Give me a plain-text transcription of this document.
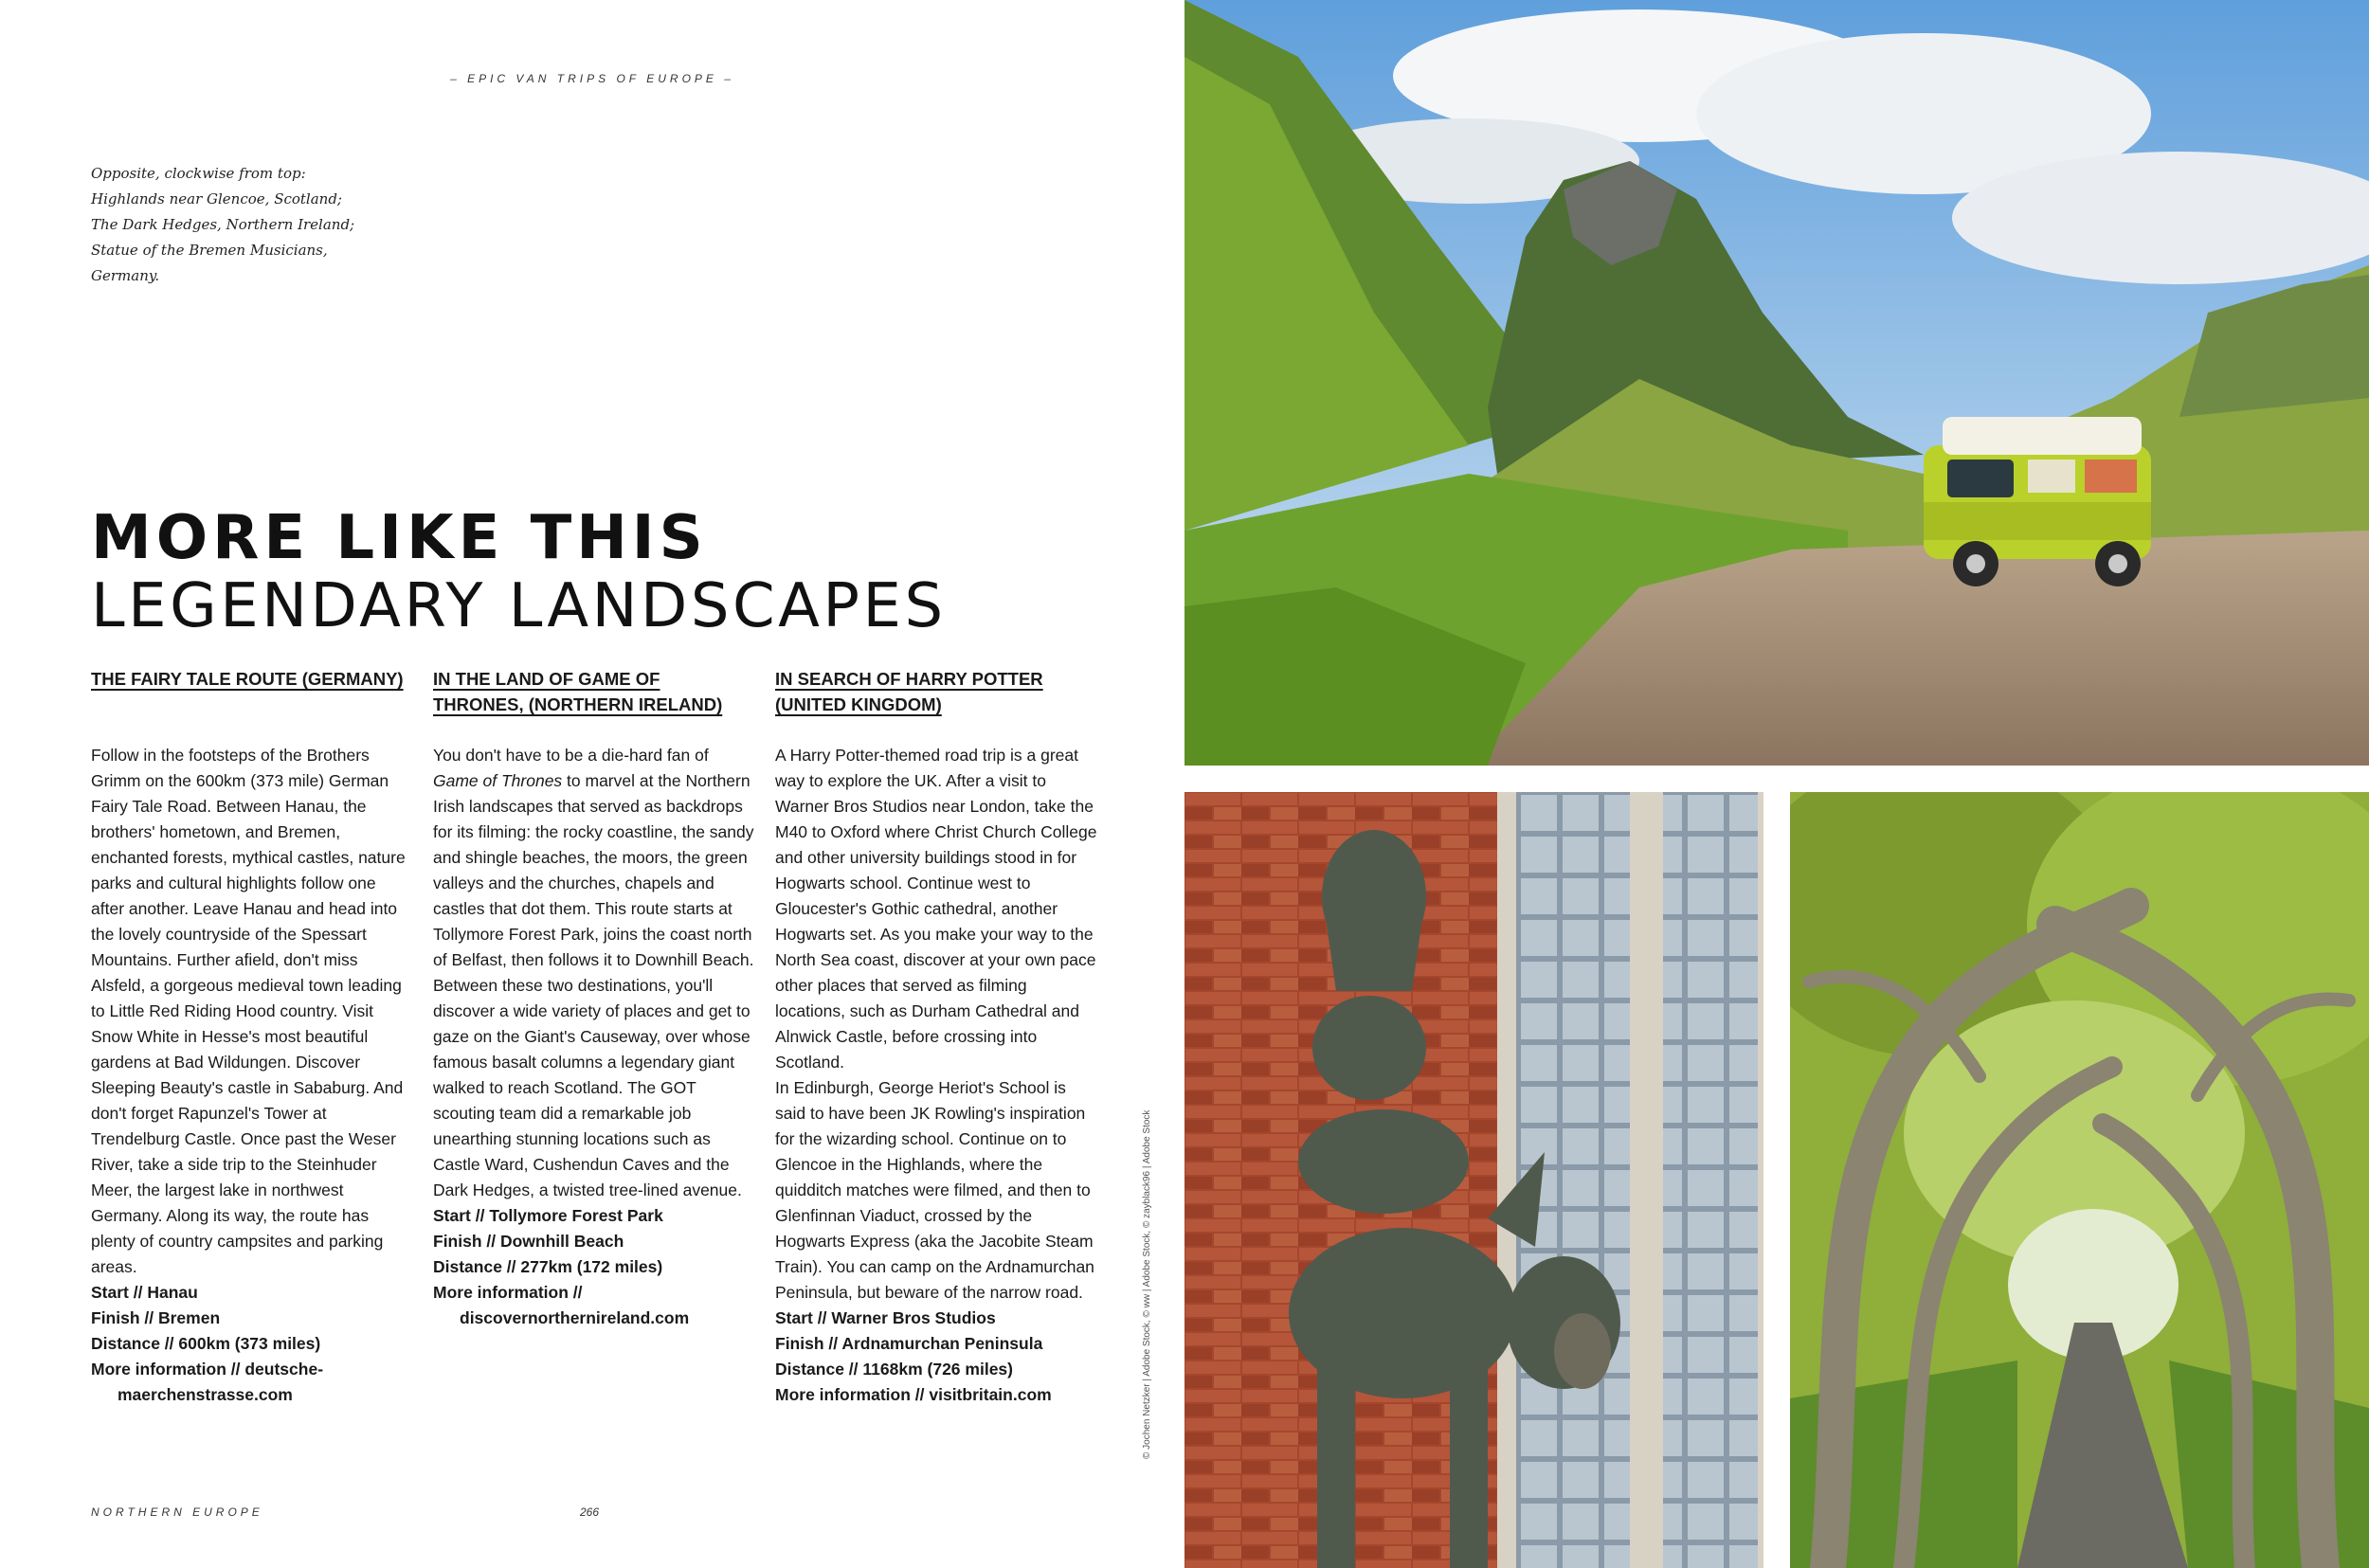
– EPIC VAN TRIPS OF EUROPE –
Opposite, clockwise from top:
Highlands near Glencoe, Scotland;
The Dark Hedges, Northern Ireland;
Statue of the Bremen Musicians,
Germany.
MORE LIKE THIS
LEGENDARY LANDSCAPES
THE FAIRY TALE ROUTE (GERMANY)

Follow in the footsteps of the Brothers Grimm on the 600km (373 mile) German Fairy Tale Road. Between Hanau, the brothers' hometown, and Bremen, enchanted forests, mythical castles, nature parks and cultural highlights follow one after another. Leave Hanau and head into the lovely countryside of the Spessart Mountains. Further afield, don't miss Alsfeld, a gorgeous medieval town leading to Little Red Riding Hood country. Visit Snow White in Hesse's most beautiful gardens at Bad Wildungen. Discover Sleeping Beauty's castle in Sababurg. And don't forget Rapunzel's Tower at Trendelburg Castle. Once past the Weser River, take a side trip to the Steinhuder Meer, the largest lake in northwest Germany. Along its way, the route has plenty of country campsites and parking areas.

Start // Hanau
Finish // Bremen
Distance // 600km (373 miles)
More information // deutsche-maerchenstrasse.com
IN THE LAND OF GAME OF THRONES, (NORTHERN IRELAND)

You don't have to be a die-hard fan of Game of Thrones to marvel at the Northern Irish landscapes that served as backdrops for its filming: the rocky coastline, the sandy and shingle beaches, the moors, the green valleys and the churches, chapels and castles that dot them. This route starts at Tollymore Forest Park, joins the coast north of Belfast, then follows it to Downhill Beach. Between these two destinations, you'll discover a wide variety of places and get to gaze on the Giant's Causeway, over whose famous basalt columns a legendary giant walked to reach Scotland. The GOT scouting team did a remarkable job unearthing stunning locations such as Castle Ward, Cushendun Caves and the Dark Hedges, a twisted tree-lined avenue.

Start // Tollymore Forest Park
Finish // Downhill Beach
Distance // 277km (172 miles)
More information // discovernorthernireland.com
IN SEARCH OF HARRY POTTER (UNITED KINGDOM)

A Harry Potter-themed road trip is a great way to explore the UK. After a visit to Warner Bros Studios near London, take the M40 to Oxford where Christ Church College and other university buildings stood in for Hogwarts school. Continue west to Gloucester's Gothic cathedral, another Hogwarts set. As you make your way to the North Sea coast, discover at your own pace other places that served as filming locations, such as Durham Cathedral and Alnwick Castle, before crossing into Scotland.

In Edinburgh, George Heriot's School is said to have been JK Rowling's inspiration for the wizarding school. Continue on to Glencoe in the Highlands, where the quidditch matches were filmed, and then to Glenfinnan Viaduct, crossed by the Hogwarts Express (aka the Jacobite Steam Train). You can camp on the Ardnamurchan Peninsula, but beware of the narrow road.

Start // Warner Bros Studios
Finish // Ardnamurchan Peninsula
Distance // 1168km (726 miles)
More information // visitbritain.com
NORTHERN EUROPE	266
© Jochen Netzker | Adobe Stock, © ww | Adobe Stock, © zayblack96 | Adobe Stock
